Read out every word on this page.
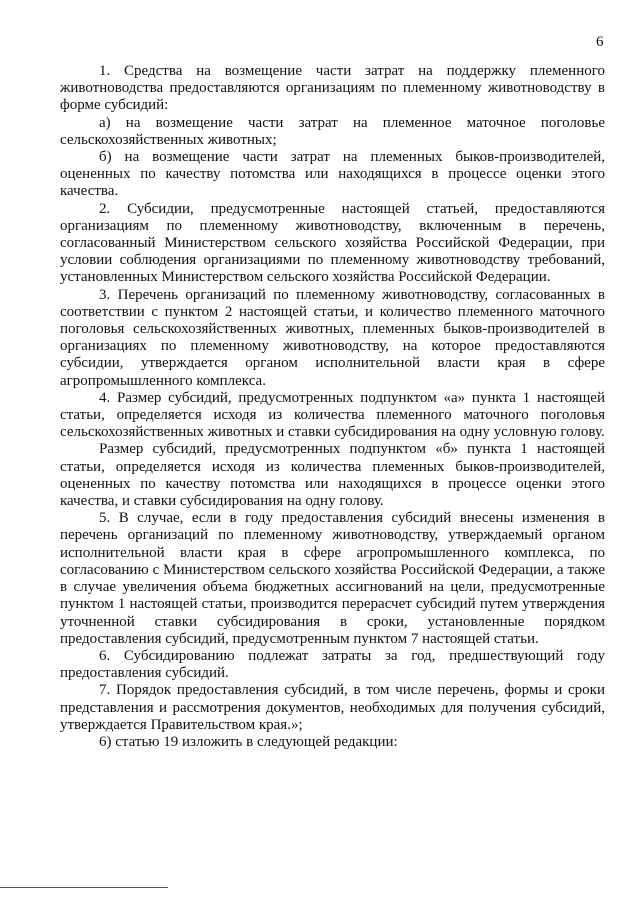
6

1. Средства на возмещение части затрат на поддержку племенного животноводства предоставляются организациям по племенному животноводству в форме субсидий:

а) на возмещение части затрат на племенное маточное поголовье сельскохозяйственных животных;

б) на возмещение части затрат на племенных быков-производителей, оцененных по качеству потомства или находящихся в процессе оценки этого качества.

2. Субсидии, предусмотренные настоящей статьей, предоставляются организациям по племенному животноводству, включенным в перечень, согласованный Министерством сельского хозяйства Российской Федерации, при условии соблюдения организациями по племенному животноводству требований, установленных Министерством сельского хозяйства Российской Федерации.

3. Перечень организаций по племенному животноводству, согласованных в соответствии с пунктом 2 настоящей статьи, и количество племенного маточного поголовья сельскохозяйственных животных, племенных быков-производителей в организациях по племенному животноводству, на которое предоставляются субсидии, утверждается органом исполнительной власти края в сфере агропромышленного комплекса.

4. Размер субсидий, предусмотренных подпунктом «а» пункта 1 настоящей статьи, определяется исходя из количества племенного маточного поголовья сельскохозяйственных животных и ставки субсидирования на одну условную голову.

Размер субсидий, предусмотренных подпунктом «б» пункта 1 настоящей статьи, определяется исходя из количества племенных быков-производителей, оцененных по качеству потомства или находящихся в процессе оценки этого качества, и ставки субсидирования на одну голову.

5. В случае, если в году предоставления субсидий внесены изменения в перечень организаций по племенному животноводству, утверждаемый органом исполнительной власти края в сфере агропромышленного комплекса, по согласованию с Министерством сельского хозяйства Российской Федерации, а также в случае увеличения объема бюджетных ассигнований на цели, предусмотренные пунктом 1 настоящей статьи, производится перерасчет субсидий путем утверждения уточненной ставки субсидирования в сроки, установленные порядком предоставления субсидий, предусмотренным пунктом 7 настоящей статьи.

6. Субсидированию подлежат затраты за год, предшествующий году предоставления субсидий.

7. Порядок предоставления субсидий, в том числе перечень, формы и сроки представления и рассмотрения документов, необходимых для получения субсидий, утверждается Правительством края.»;

6) статью 19 изложить в следующей редакции:
